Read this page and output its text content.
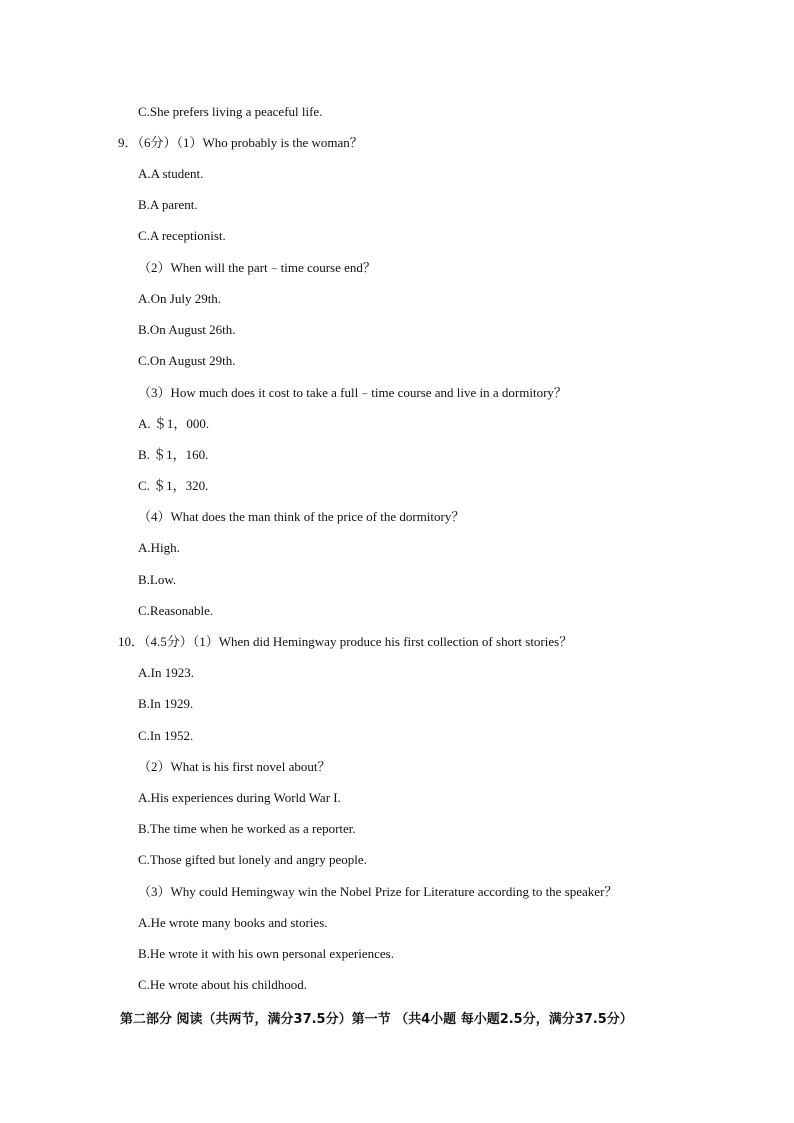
C.She prefers living a peaceful life.
9．（6分）（1）Who probably is the woman？
A.A student.
B.A parent.
C.A receptionist.
（2）When will the part﹣time course end？
A.On July 29th.
B.On August 26th.
C.On August 29th.
（3）How much does it cost to take a full﹣time course and live in a dormitory？
A. ＄1，000.
B. ＄1，160.
C. ＄1，320.
（4）What does the man think of the price of the dormitory？
A.High.
B.Low.
C.Reasonable.
10．（4.5分）（1）When did Hemingway produce his first collection of short stories？
A.In 1923.
B.In 1929.
C.In 1952.
（2）What is his first novel about？
A.His experiences during World War I.
B.The time when he worked as a reporter.
C.Those gifted but lonely and angry people.
（3）Why could Hemingway win the Nobel Prize for Literature according to the speaker？
A.He wrote many books and stories.
B.He wrote it with his own personal experiences.
C.He wrote about his childhood.
第二部分 阅读（共两节，满分37.5分）第一节 （共4小题 每小题2.5分，满分37.5分）
